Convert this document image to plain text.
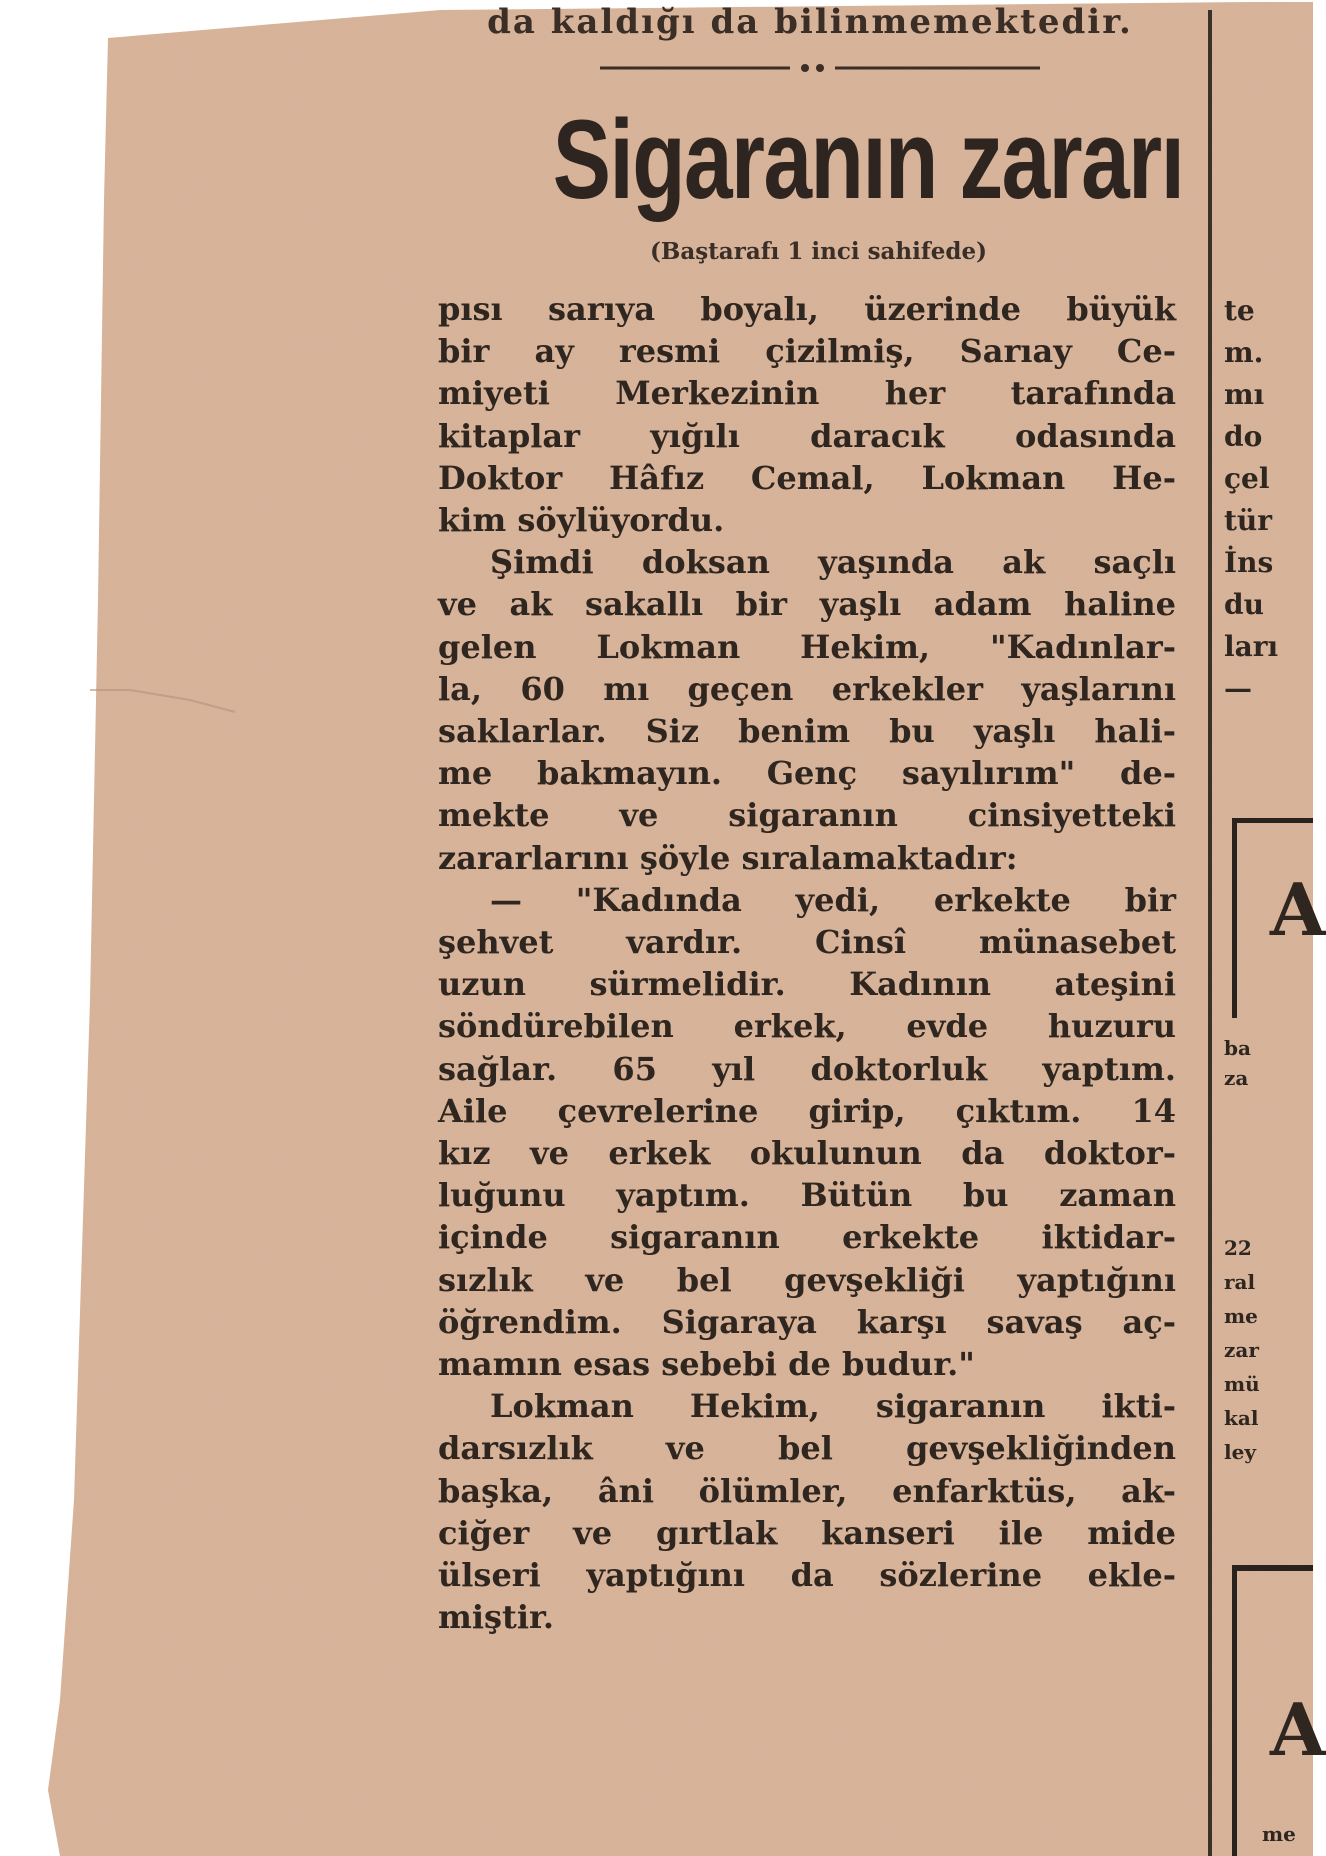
da kaldığı da bilinmemektedir.
Sigaranın zararı
(Baştarafı 1 inci sahifede)

pısı sarıya boyalı, üzerinde büyük
bir ay resmi çizilmiş, Sarıay Ce-
miyeti Merkezinin her tarafında
kitaplar yığılı daracık odasında
Doktor Hâfız Cemal, Lokman He-
kim söylüyordu.

Şimdi doksan yaşında ak saçlı
ve ak sakallı bir yaşlı adam haline
gelen Lokman Hekim, "Kadınlar-
la, 60 mı geçen erkekler yaşlarını
saklarlar. Siz benim bu yaşlı hali-
me bakmayın. Genç sayılırım" de-
mekte ve sigaranın cinsiyetteki
zararlarını şöyle sıralamaktadır:

— "Kadında yedi, erkekte bir
şehvet vardır. Cinsî münasebet
uzun sürmelidir. Kadının ateşini
söndürebilen erkek, evde huzuru
sağlar. 65 yıl doktorluk yaptım.
Aile çevrelerine girip, çıktım. 14
kız ve erkek okulunun da doktor-
luğunu yaptım. Bütün bu zaman
içinde sigaranın erkekte iktidar-
sızlık ve bel gevşekliği yaptığını
öğrendim. Sigaraya karşı savaş aç-
mamın esas sebebi de budur."

Lokman Hekim, sigaranın ikti-
darsızlık ve bel gevşekliğinden
başka, âni ölümler, enfarktüs, ak-
ciğer ve gırtlak kanseri ile mide
ülseri yaptığını da sözlerine ekle-
miştir.

te
m.
mı
do
çel
tür
İns
du
ları
—
A
ba
za
22
ral
me
zar
mü
kal
ley
A
me
